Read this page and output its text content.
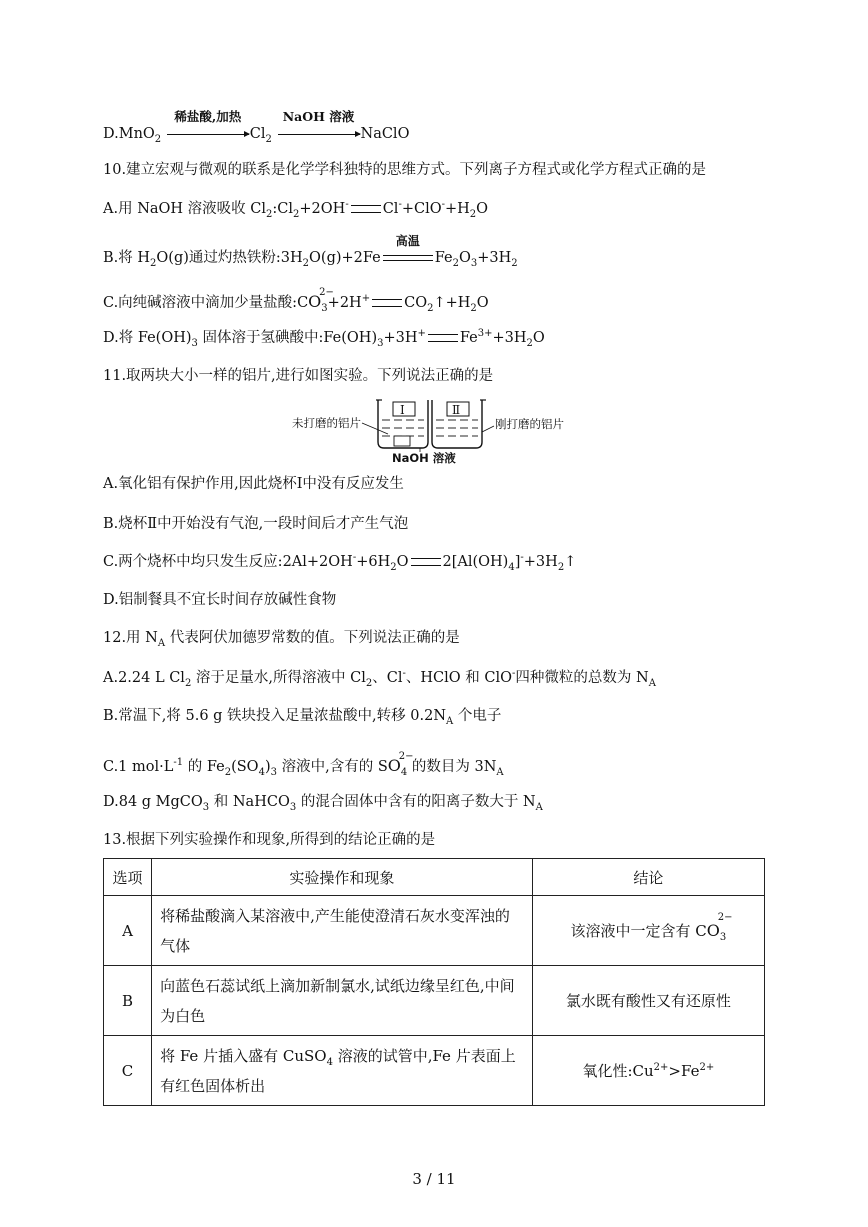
D.MnO$_2$
稀盐酸,加热
$Cl_2$
NaOH 溶液
NaClO
10.建立宏观与微观的联系是化学学科独特的思维方式。下列离子方程式或化学方程式正确的是
A.用 NaOH 溶液吸收 $Cl_2:Cl_2+2OH^-$ $Cl^-+ClO^-+H_2O$
B.将 $H_2O(g)$通过灼热铁粉$:3H_2O(g)+2Fe$
高温
$Fe_2O_3+3H_2$
C.向纯碱溶液中滴加少量盐酸:CO
2−
$_3$+2H+ $CO_2↑+H_2O$
D.将 $Fe(OH)_3$ 固体溶于氢碘酸中$:Fe(OH)_3+3H^+$ $Fe^{3+}+3H_2O$
11.取两块大小一样的铝片,进行如图实验。下列说法正确的是
未打磨的铝片
Ⅰ	Ⅱ
刚打磨的铝片
NaOH 溶液
A.氧化铝有保护作用,因此烧杯Ⅰ中没有反应发生
B.烧杯Ⅱ中开始没有气泡,一段时间后才产生气泡
C.两个烧杯中均只发生反应$:2Al+2OH^-+6H_2O$ $2[Al(OH)_4]^-+3H_2↑$
D.铝制餐具不宜长时间存放碱性食物
12.用 $N_A$ 代表阿伏加德罗常数的值。下列说法正确的是
A.2.24 L $Cl_2$ 溶于足量水,所得溶液中 $Cl_2$、Cl-、HClO 和 ClO-四种微粒的总数为 $N_A$
B.常温下,将 5.6 g 铁块投入足量浓盐酸中,转移 $0.2N_A$ 个电子
C.1 $mol\cdot L^{-1}$ 的 $Fe_2(SO_4)_3$ 溶液中,含有的 SO
2−
$_4$ 的数目为 $3N_A$
D.84 g MgCO$_3$ 和 NaHCO$_3$ 的混合固体中含有的阳离子数大于 $N_A$
13.根据下列实验操作和现象,所得到的结论正确的是
选项	实验操作和现象	结论
A	将稀盐酸滴入某溶液中,产生能使澄清石灰水变浑浊的气体	该溶液中一定含有 CO
2−
$_3$
B	向蓝色石蕊试纸上滴加新制氯水,试纸边缘呈红色,中间为白色	氯水既有酸性又有还原性
C	将 Fe 片插入盛有 CuSO$_4$ 溶液的试管中,Fe 片表面上有红色固体析出	氧化性$:Cu^{2+}>Fe^{2+}$
3 / 11
